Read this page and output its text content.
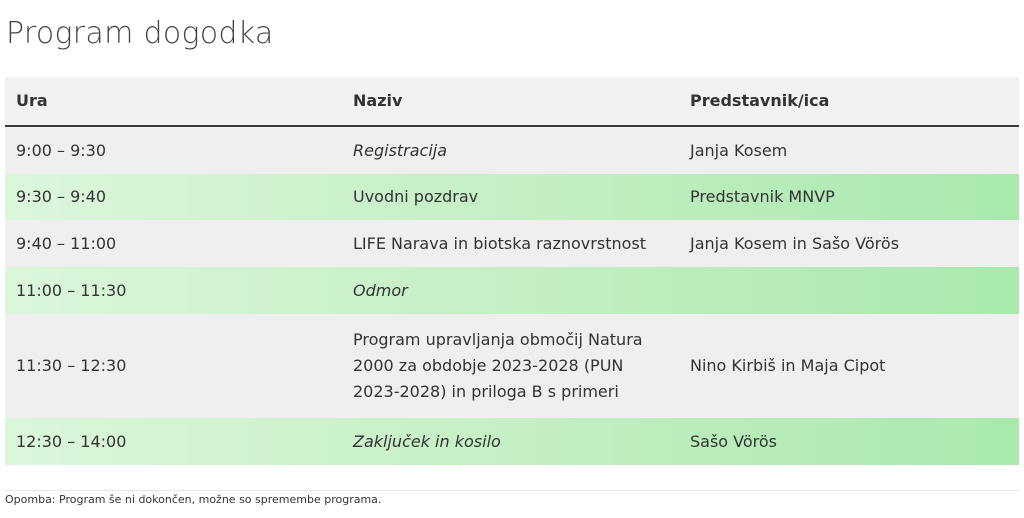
Program dogodka
Ura	Naziv	Predstavnik/ica
9:00 – 9:30	Registracija	Janja Kosem
9:30 – 9:40	Uvodni pozdrav	Predstavnik MNVP
9:40 – 11:00	LIFE Narava in biotska raznovrstnost	Janja Kosem in Sašo Vörös
11:00 – 11:30	Odmor	
11:30 – 12:30	Program upravljanja območij Natura 2000 za obdobje 2023-2028 (PUN 2023-2028) in priloga B s primeri	Nino Kirbiš in Maja Cipot
12:30 – 14:00	Zaključek in kosilo	Sašo Vörös
Opomba: Program še ni dokončen, možne so spremembe programa.
